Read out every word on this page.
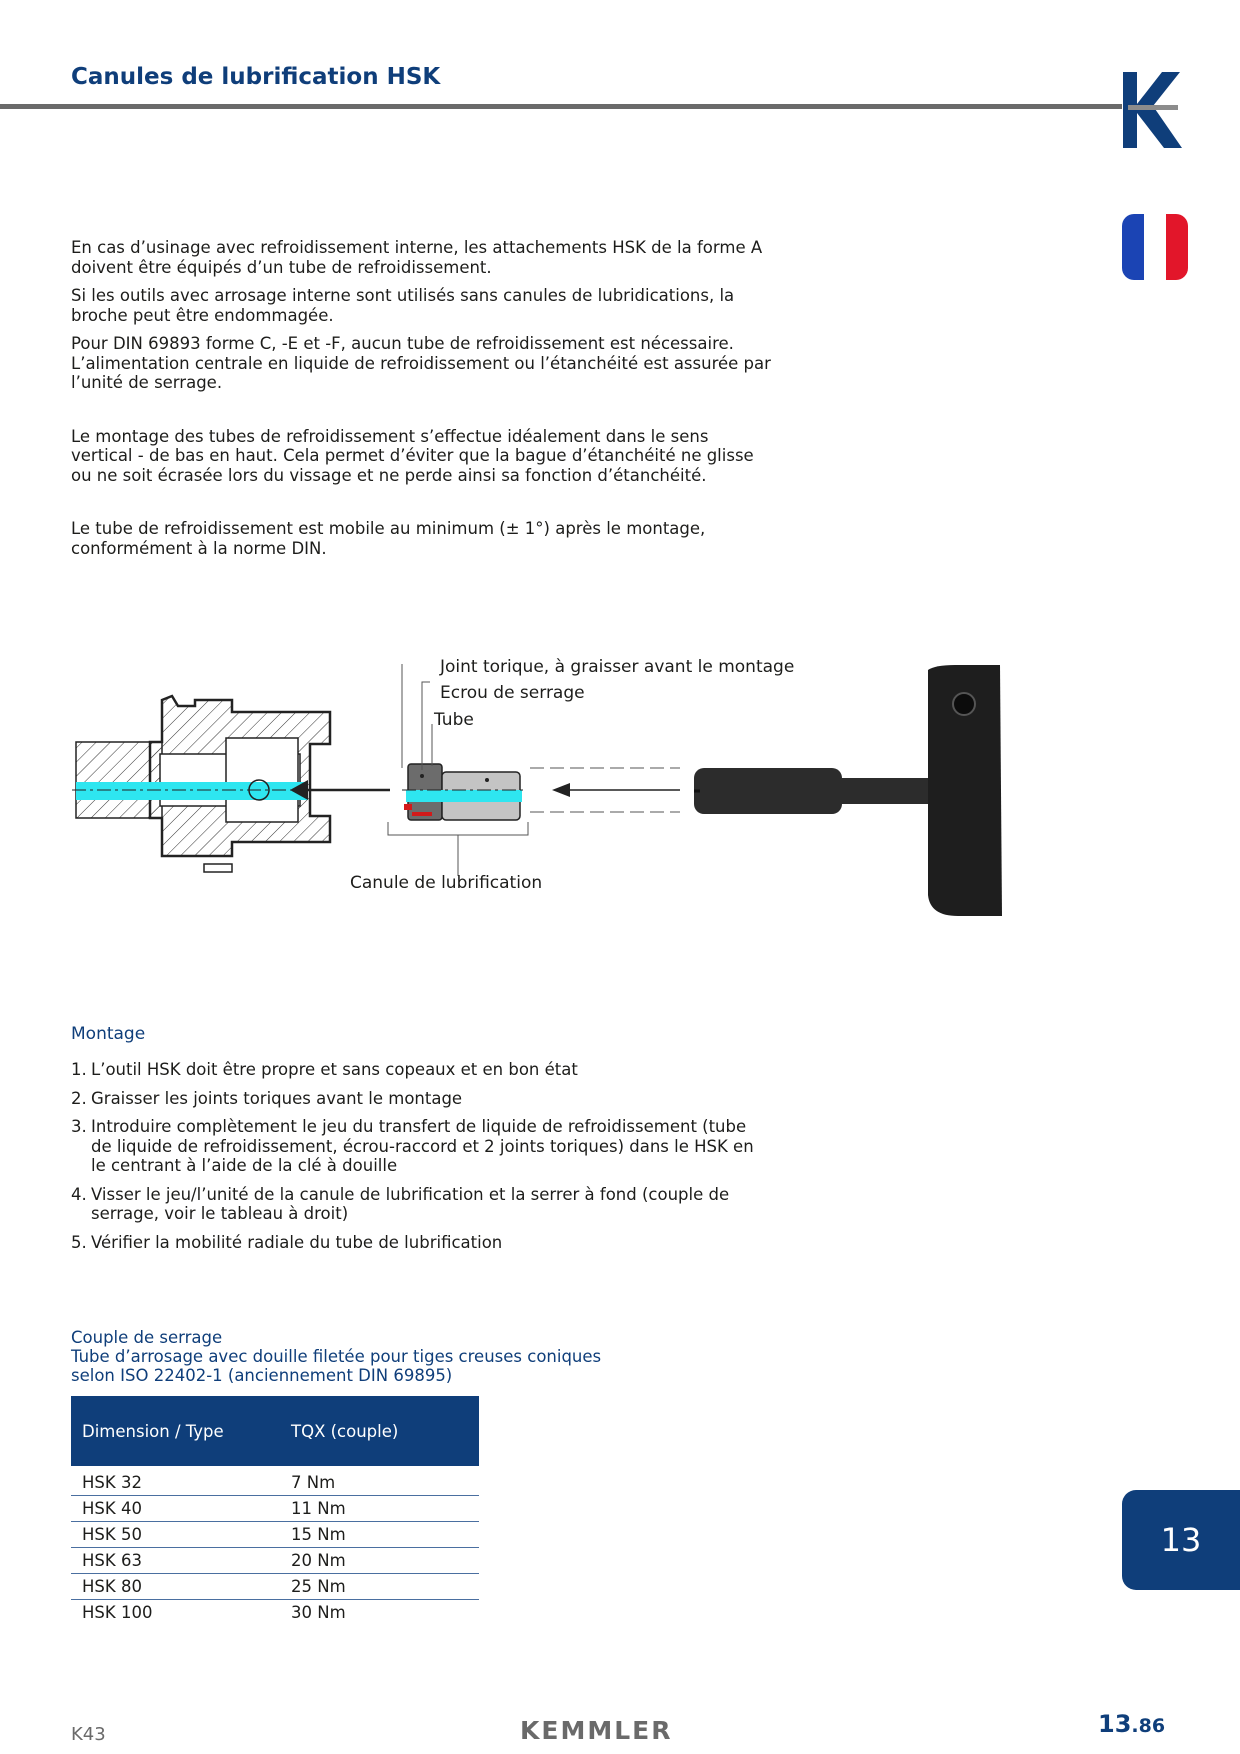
Canules de lubrification HSK

En cas d’usinage avec refroidissement interne, les attachements HSK de la forme A doivent être équipés d’un tube de refroidissement.

Si les outils avec arrosage interne sont utilisés sans canules de lubridications, la broche peut être endommagée.

Pour DIN 69893 forme C, -E et -F, aucun tube de refroidissement est nécessaire. L’alimentation centrale en liquide de refroidissement ou l’étanchéité est assurée par l’unité de serrage.

Le montage des tubes de refroidissement s’effectue idéalement dans le sens vertical - de bas en haut. Cela permet d’éviter que la bague d’étanchéité ne glisse ou ne soit écrasée lors du vissage et ne perde ainsi sa fonction d’étanchéité.

Le tube de refroidissement est mobile au minimum (± 1°) après le montage, conformément à la norme DIN.

Joint torique, à graisser avant le montage
Ecrou de serrage
Tube
Canule de lubrification
Montage
1. L’outil HSK doit être propre et sans copeaux et en bon état
2. Graisser les joints toriques avant le montage
3. Introduire complètement le jeu du transfert de liquide de refroidissement (tube de liquide de refroidissement, écrou-raccord et 2 joints toriques) dans le HSK en le centrant à l’aide de la clé à douille
4. Visser le jeu/l’unité de la canule de lubrification et la serrer à fond (couple de serrage, voir le tableau à droit)
5. Vérifier la mobilité radiale du tube de lubrification
Couple de serrage
Tube d’arrosage avec douille filetée pour tiges creuses coniques
selon ISO 22402-1 (anciennement DIN 69895)
Dimension / Type	TQX (couple)
HSK 32	7 Nm
HSK 40	11 Nm
HSK 50	15 Nm
HSK 63	20 Nm
HSK 80	25 Nm
HSK 100	30 Nm
13

K43	KEMMLER	13.86
